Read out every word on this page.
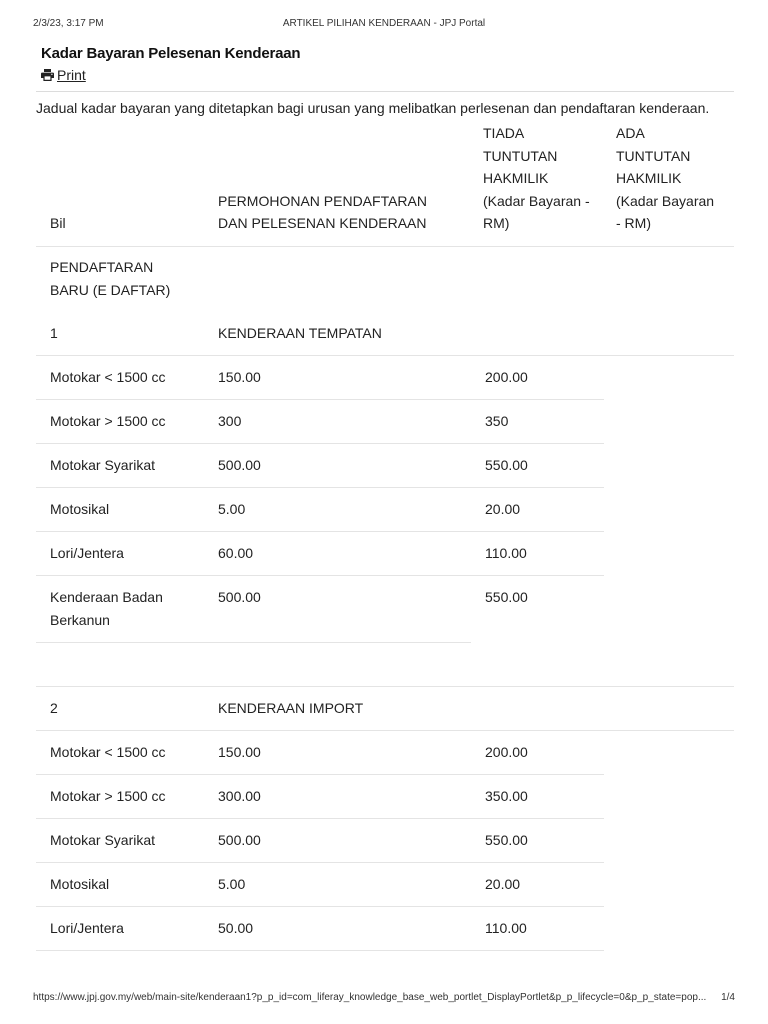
2/3/23, 3:17 PM	ARTIKEL PILIHAN KENDERAAN - JPJ Portal
Kadar Bayaran Pelesenan Kenderaan
Print

Jadual kadar bayaran yang ditetapkan bagi urusan yang melibatkan perlesenan dan pendaftaran kenderaan.

Bil	PERMOHONAN PENDAFTARAN DAN PELESENAN KENDERAAN	TIADA TUNTUTAN HAKMILIK (Kadar Bayaran - RM)	ADA TUNTUTAN HAKMILIK (Kadar Bayaran - RM)
PENDAFTARAN BARU (E DAFTAR)			
1	KENDERAAN TEMPATAN		
Motokar < 1500 cc	150.00	200.00	
Motokar > 1500 cc	300	350	
Motokar Syarikat	500.00	550.00	
Motosikal	5.00	20.00	
Lori/Jentera	60.00	110.00	
Kenderaan Badan Berkanun	500.00	550.00	

2	KENDERAAN IMPORT		
Motokar < 1500 cc	150.00	200.00	
Motokar > 1500 cc	300.00	350.00	
Motokar Syarikat	500.00	550.00	
Motosikal	5.00	20.00	
Lori/Jentera	50.00	110.00	
https://www.jpj.gov.my/web/main-site/kenderaan1?p_p_id=com_liferay_knowledge_base_web_portlet_DisplayPortlet&p_p_lifecycle=0&p_p_state=pop...	1/4
